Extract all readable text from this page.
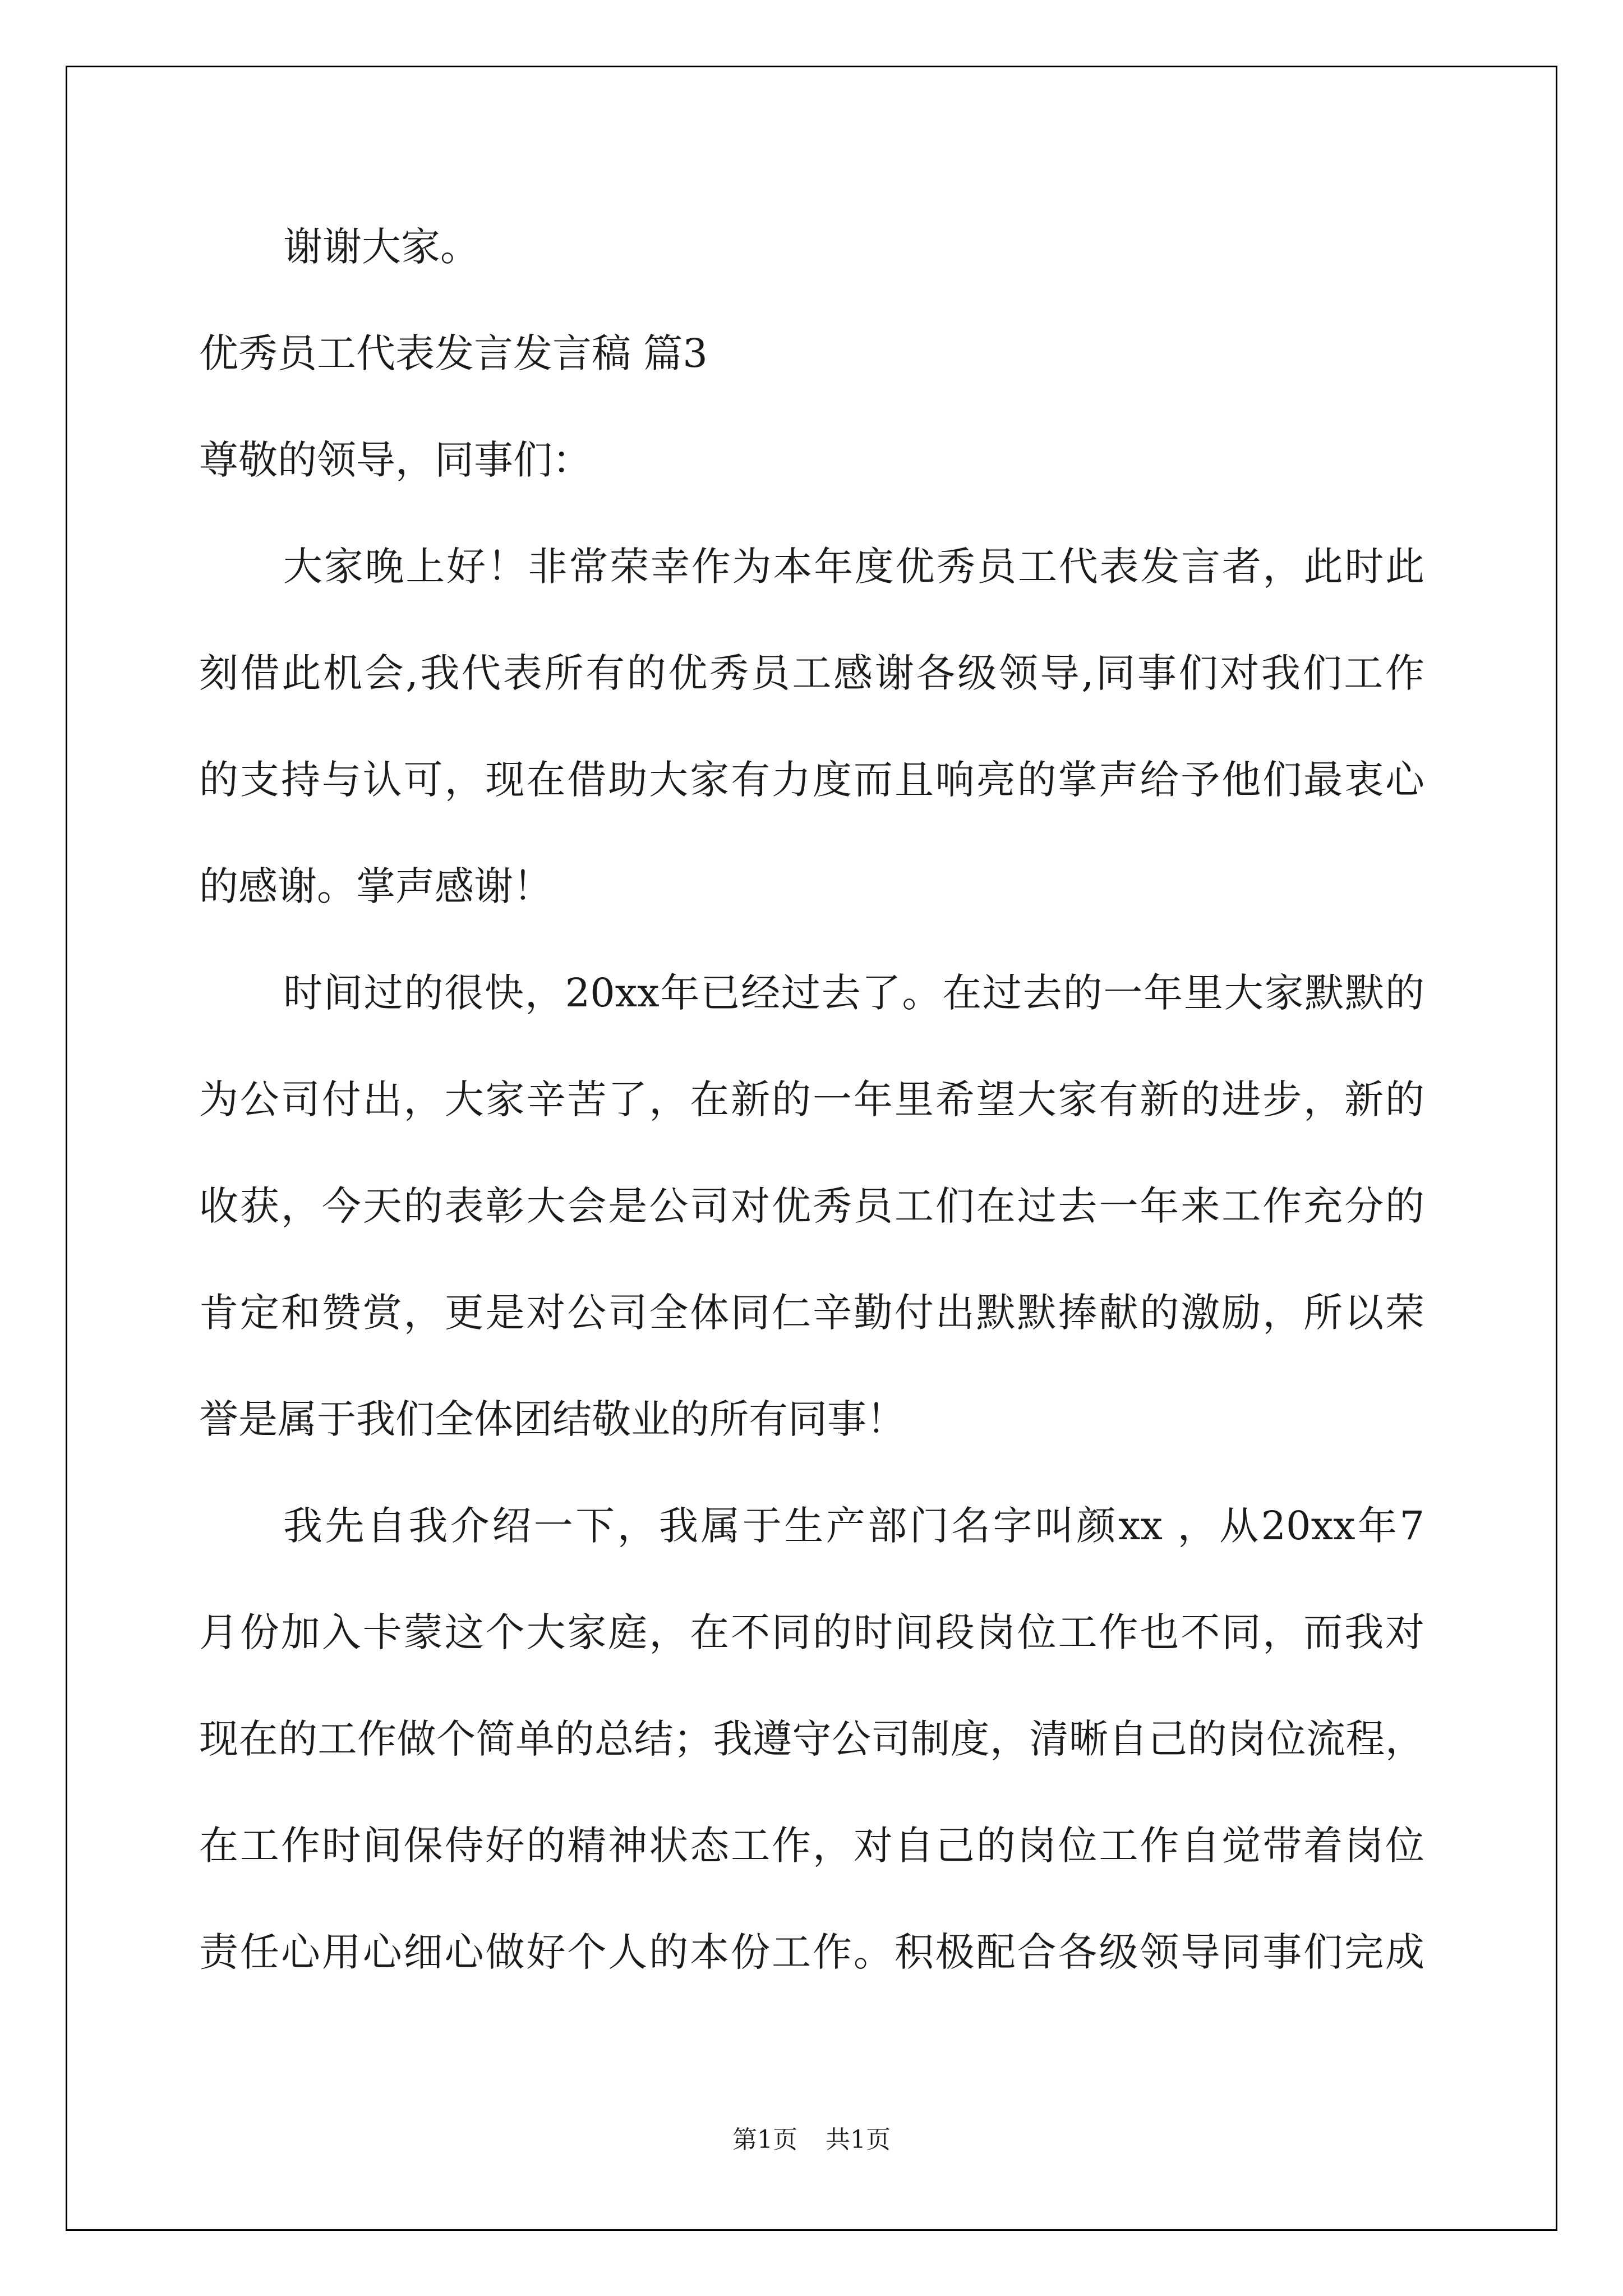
谢谢大家。
优秀员工代表发言发言稿 篇3
尊敬的领导，同事们：
大家晚上好！非常荣幸作为本年度优秀员工代表发言者，此时此
刻借此机会,我代表所有的优秀员工感谢各级领导,同事们对我们工作
的支持与认可，现在借助大家有力度而且响亮的掌声给予他们最衷心
的感谢。掌声感谢！
时间过的很快，20xx年已经过去了。在过去的一年里大家默默的
为公司付出，大家辛苦了，在新的一年里希望大家有新的进步，新的
收获，今天的表彰大会是公司对优秀员工们在过去一年来工作充分的
肯定和赞赏，更是对公司全体同仁辛勤付出默默捧献的激励，所以荣
誉是属于我们全体团结敬业的所有同事！
我先自我介绍一下，我属于生产部门名字叫颜xx ，从20xx年7
月份加入卡蒙这个大家庭，在不同的时间段岗位工作也不同，而我对
现在的工作做个简单的总结；我遵守公司制度，清晰自己的岗位流程，
在工作时间保侍好的精神状态工作，对自己的岗位工作自觉带着岗位
责任心用心细心做好个人的本份工作。积极配合各级领导同事们完成
第1页 共1页
